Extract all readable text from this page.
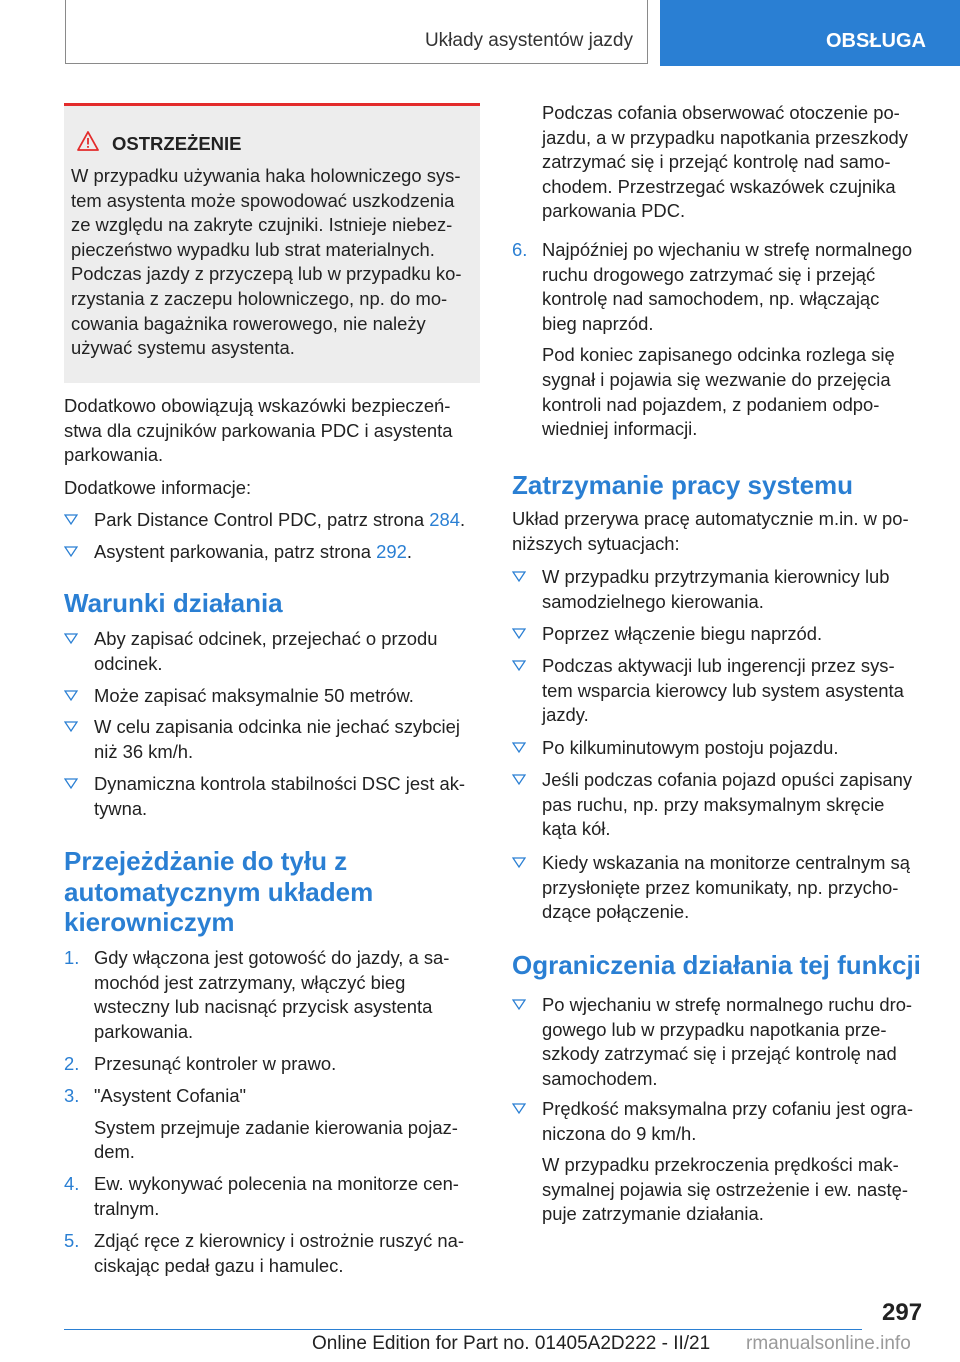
Układy asystentów jazdy	OBSŁUGA
OSTRZEŻENIE

W przypadku używania haka holowniczego sys‐

tem asystenta może spowodować uszkodzenia

ze względu na zakryte czujniki. Istnieje niebez‐

pieczeństwo wypadku lub strat materialnych.

Podczas jazdy z przyczepą lub w przypadku ko‐

rzystania z zaczepu holowniczego, np. do mo‐

cowania bagażnika rowerowego, nie należy

używać systemu asystenta.

Dodatkowo obowiązują wskazówki bezpieczeń‐

stwa dla czujników parkowania PDC i asystenta

parkowania.

Dodatkowe informacje:

Park Distance Control PDC, patrz strona 284.

Asystent parkowania, patrz strona 292.

Warunki działania
Aby zapisać odcinek, przejechać o przodu
odcinek.
Może zapisać maksymalnie 50 metrów.
W celu zapisania odcinka nie jechać szybciej
niż 36 km/h.
Dynamiczna kontrola stabilności DSC jest ak‐
tywna.
Przejeżdżanie do tyłu z
automatycznym układem
kierowniczym
1. Gdy włączona jest gotowość do jazdy, a sa‐
mochód jest zatrzymany, włączyć bieg
wsteczny lub nacisnąć przycisk asystenta
parkowania.
2. Przesunąć kontroler w prawo.
3. "Asystent Cofania"
System przejmuje zadanie kierowania pojaz‐
dem.
4. Ew. wykonywać polecenia na monitorze cen‐
tralnym.
5. Zdjąć ręce z kierownicy i ostrożnie ruszyć na‐
ciskając pedał gazu i hamulec.
Podczas cofania obserwować otoczenie po‐
jazdu, a w przypadku napotkania przeszkody
zatrzymać się i przejąć kontrolę nad samo‐
chodem. Przestrzegać wskazówek czujnika
parkowania PDC.
6. Najpóźniej po wjechaniu w strefę normalnego
ruchu drogowego zatrzymać się i przejąć
kontrolę nad samochodem, np. włączając
bieg naprzód.
Pod koniec zapisanego odcinka rozlega się
sygnał i pojawia się wezwanie do przejęcia
kontroli nad pojazdem, z podaniem odpo‐
wiedniej informacji.
Zatrzymanie pracy systemu
Układ przerywa pracę automatycznie m.in. w po‐
niższych sytuacjach:
W przypadku przytrzymania kierownicy lub
samodzielnego kierowania.
Poprzez włączenie biegu naprzód.
Podczas aktywacji lub ingerencji przez sys‐
tem wsparcia kierowcy lub system asystenta
jazdy.
Po kilkuminutowym postoju pojazdu.
Jeśli podczas cofania pojazd opuści zapisany
pas ruchu, np. przy maksymalnym skręcie
kąta kół.
Kiedy wskazania na monitorze centralnym są
przysłonięte przez komunikaty, np. przycho‐
dzące połączenie.
Ograniczenia działania tej funkcji
Po wjechaniu w strefę normalnego ruchu dro‐
gowego lub w przypadku napotkania prze‐
szkody zatrzymać się i przejąć kontrolę nad
samochodem.
Prędkość maksymalna przy cofaniu jest ogra‐
niczona do 9 km/h.
W przypadku przekroczenia prędkości mak‐
symalnej pojawia się ostrzeżenie i ew. nastę‐
puje zatrzymanie działania.
297
Online Edition for Part no. 01405A2D222 - II/21 rmanualsonline.info
